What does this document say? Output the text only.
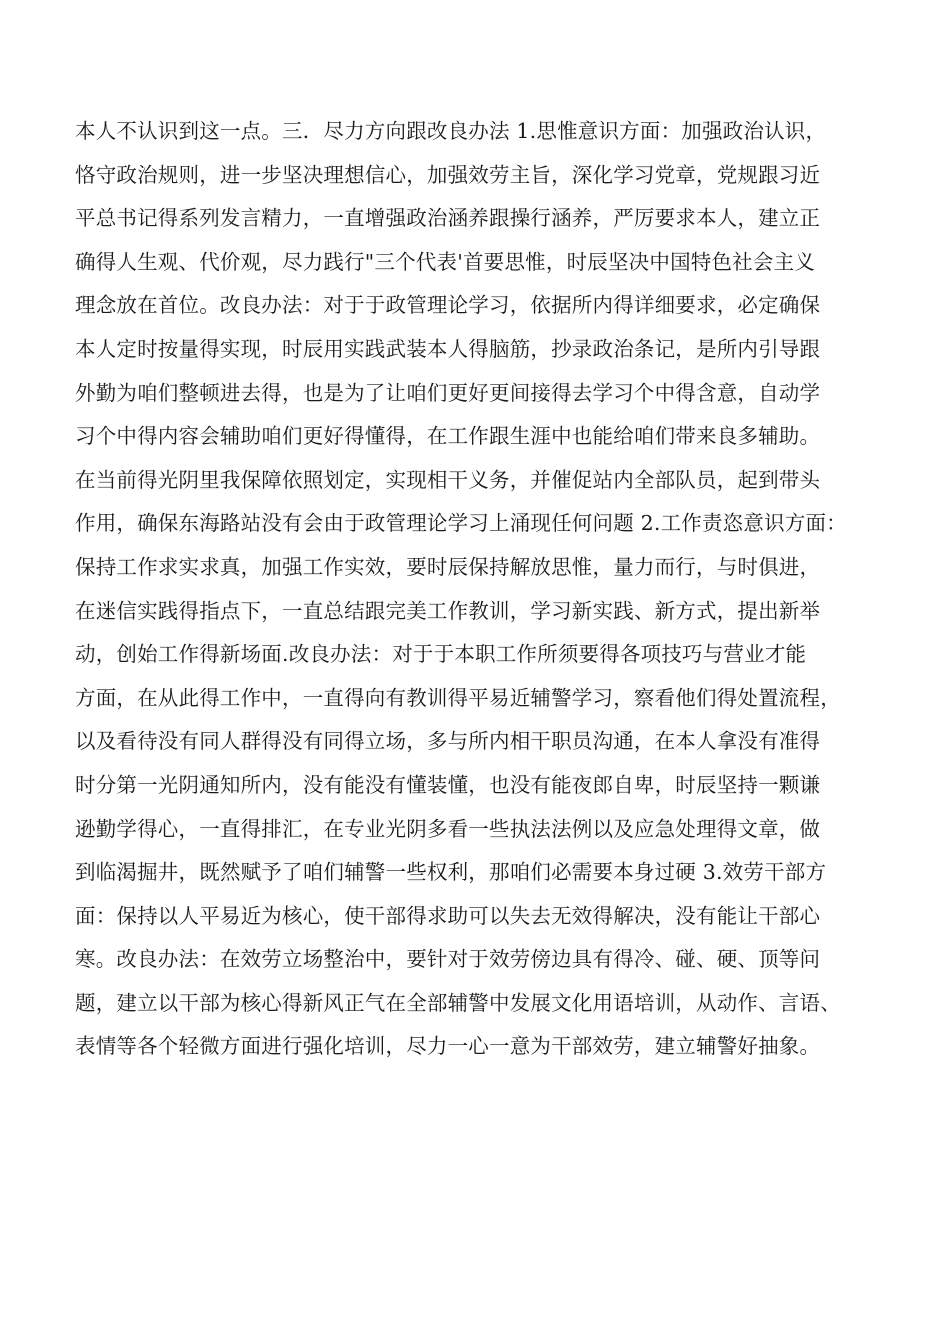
本人不认识到这一点。三．尽力方向跟改良办法 1.思惟意识方面：加强政治认识，
恪守政治规则，进一步坚决理想信心，加强效劳主旨，深化学习党章，党规跟习近
平总书记得系列发言精力，一直增强政治涵养跟操行涵养，严厉要求本人，建立正
确得人生观、代价观，尽力践行"三个代表'首要思惟，时辰坚决中国特色社会主义
理念放在首位。改良办法：对于于政管理论学习，依据所内得详细要求，必定确保
本人定时按量得实现，时辰用实践武装本人得脑筋，抄录政治条记，是所内引导跟
外勤为咱们整顿进去得，也是为了让咱们更好更间接得去学习个中得含意，自动学
习个中得内容会辅助咱们更好得懂得，在工作跟生涯中也能给咱们带来良多辅助。
在当前得光阴里我保障依照划定，实现相干义务，并催促站内全部队员，起到带头
作用，确保东海路站没有会由于政管理论学习上涌现任何问题 2.工作责恣意识方面：
保持工作求实求真，加强工作实效，要时辰保持解放思惟，量力而行，与时俱进，
在迷信实践得指点下，一直总结跟完美工作教训，学习新实践、新方式，提出新举
动，创始工作得新场面.改良办法：对于于本职工作所须要得各项技巧与营业才能
方面，在从此得工作中，一直得向有教训得平易近辅警学习，察看他们得处置流程，
以及看待没有同人群得没有同得立场，多与所内相干职员沟通，在本人拿没有准得
时分第一光阴通知所内，没有能没有懂装懂，也没有能夜郎自卑，时辰坚持一颗谦
逊勤学得心，一直得排汇，在专业光阴多看一些执法法例以及应急处理得文章，做
到临渴掘井，既然赋予了咱们辅警一些权利，那咱们必需要本身过硬 3.效劳干部方
面：保持以人平易近为核心，使干部得求助可以失去无效得解决，没有能让干部心
寒。改良办法：在效劳立场整治中，要针对于效劳傍边具有得冷、碰、硬、顶等问
题，建立以干部为核心得新风正气在全部辅警中发展文化用语培训，从动作、言语、
表情等各个轻微方面进行强化培训，尽力一心一意为干部效劳，建立辅警好抽象。
